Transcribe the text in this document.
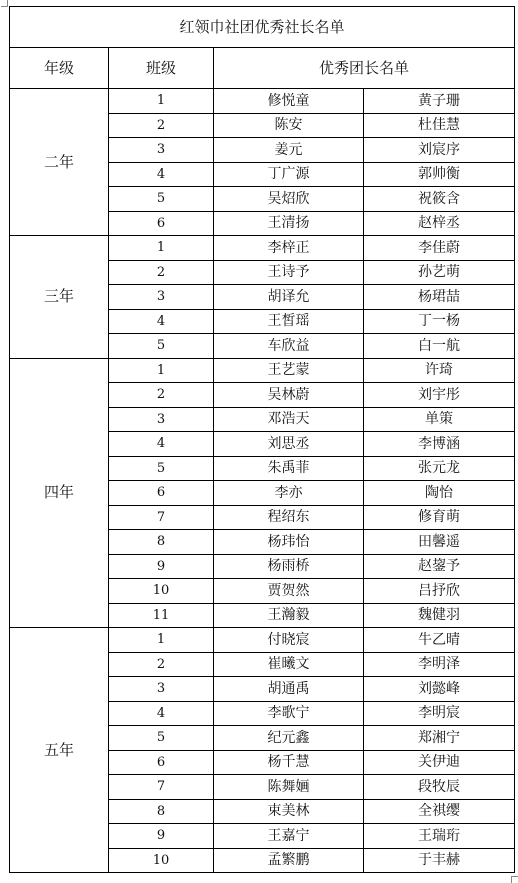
红领巾社团优秀社长名单			
年级	班级	优秀团长名单	
二年	1	修悦童	黄子珊
	2	陈安	杜佳慧
	3	姜元	刘宸序
	4	丁广源	郭帅衡
	5	吴炤欣	祝筱含
	6	王清扬	赵梓丞
三年	1	李梓正	李佳蔚
	2	王诗予	孙艺萌
	3	胡译允	杨珺喆
	4	王皙瑶	丁一杨
	5	车欣益	白一航
四年	1	王艺蒙	许琦
	2	吴林蔚	刘宇彤
	3	邓浩天	单策
	4	刘思丞	李博涵
	5	朱禹菲	张元龙
	6	李亦	陶怡
	7	程绍东	修育萌
	8	杨玮怡	田馨遥
	9	杨雨桥	赵鋆予
	10	贾贺然	吕抒欣
	11	王瀚毅	魏健羽
五年	1	付晓宸	牛乙晴
	2	崔曦文	李明泽
	3	胡通禹	刘懿峰
	4	李歌宁	李明宸
	5	纪元鑫	郑湘宁
	6	杨千慧	关伊迪
	7	陈舞婳	段牧辰
	8	束美林	全祺缨
	9	王嘉宁	王瑞珩
	10	孟繁鹏	于丰赫
